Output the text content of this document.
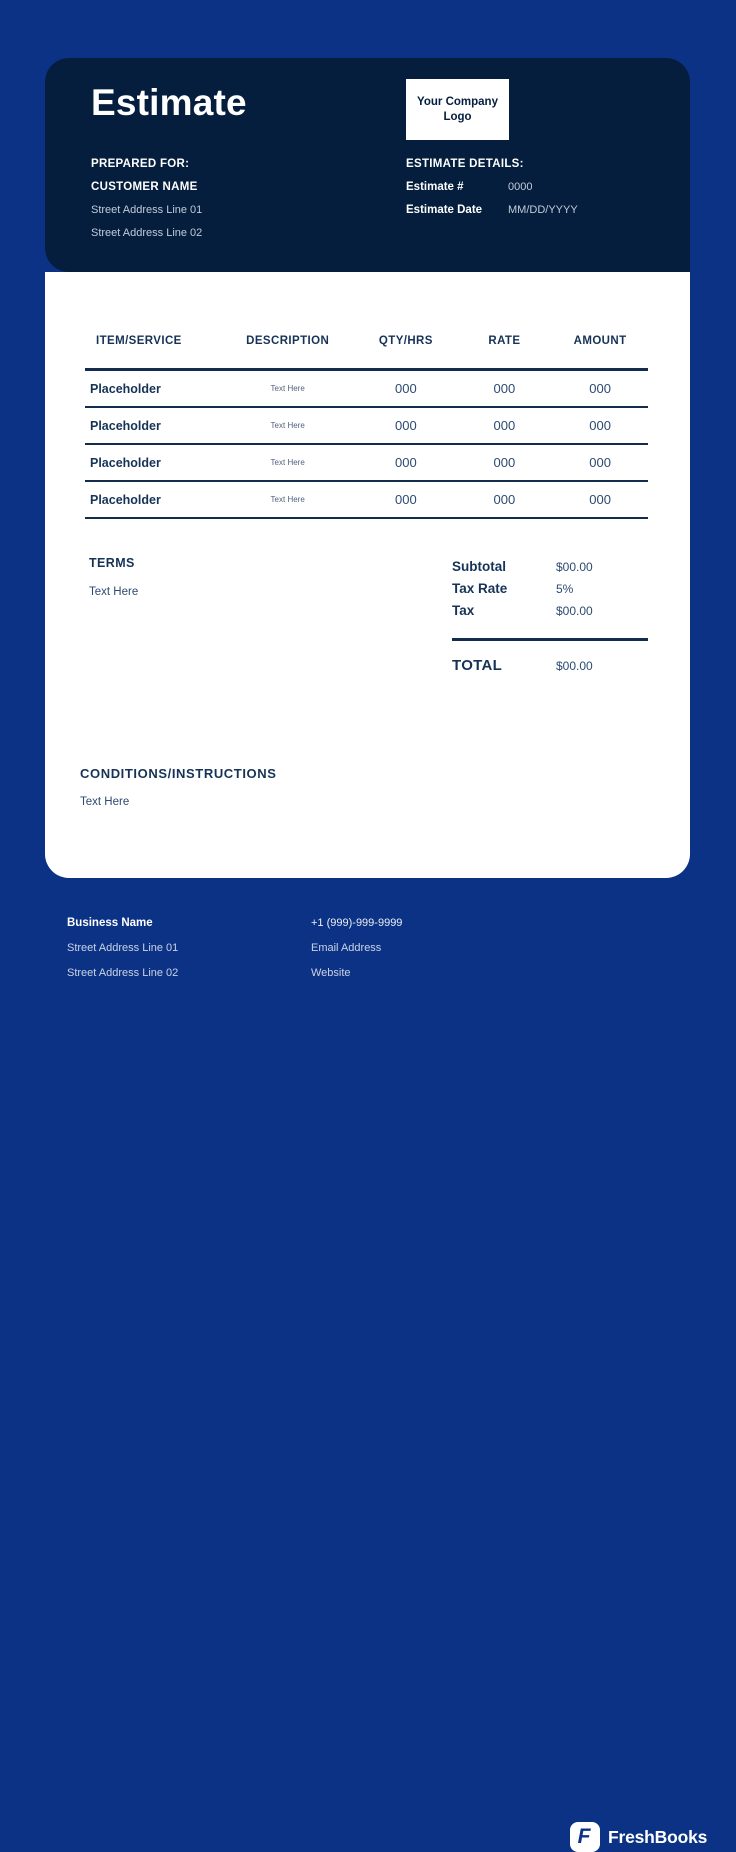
Estimate	Your Company Logo
PREPARED FOR:
CUSTOMER NAME
Street Address Line 01
Street Address Line 02
ESTIMATE DETAILS:
Estimate #	0000
Estimate Date	MM/DD/YYYY
ITEM/SERVICE	DESCRIPTION	QTY/HRS	RATE	AMOUNT
Placeholder	Text Here	000	000	000
Placeholder	Text Here	000	000	000
Placeholder	Text Here	000	000	000
Placeholder	Text Here	000	000	000
TERMS
Text Here
Subtotal	$00.00
Tax Rate	5%
Tax	$00.00
TOTAL	$00.00
CONDITIONS/INSTRUCTIONS
Text Here
Business Name
Street Address Line 01
Street Address Line 02
+1 (999)-999-9999
Email Address
Website
F	FreshBooks
